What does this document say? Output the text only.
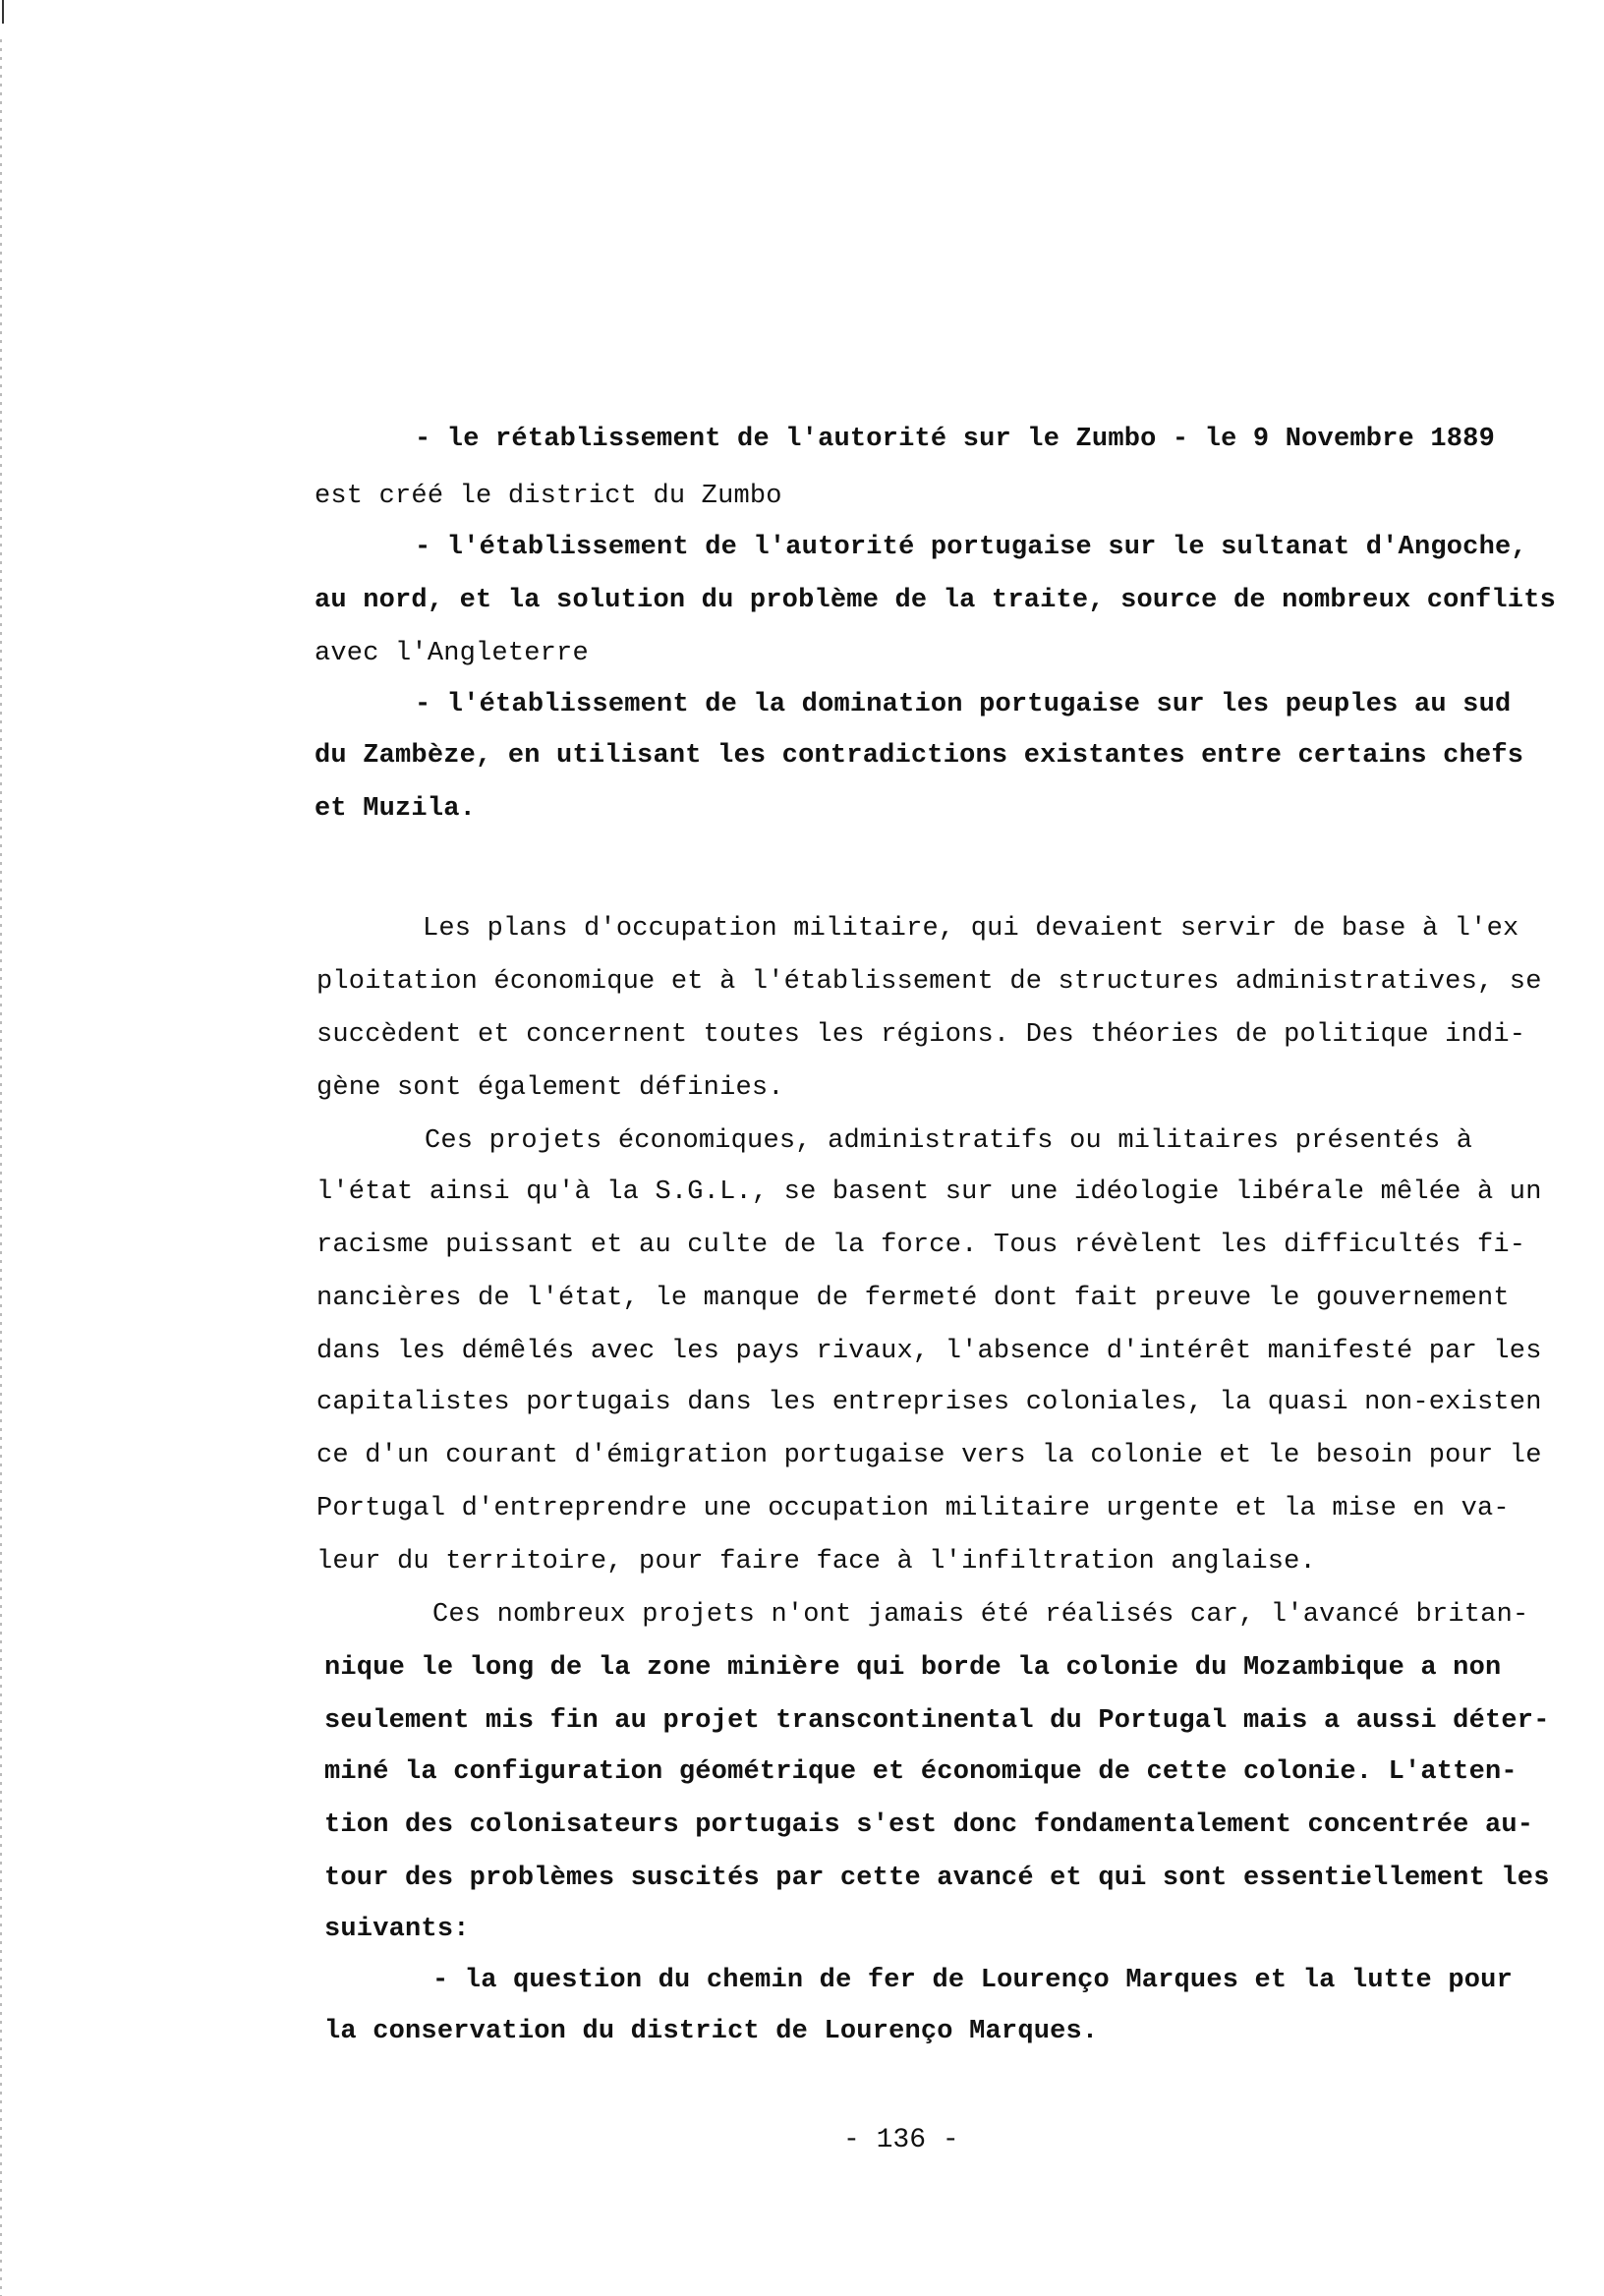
- le rétablissement de l'autorité sur le Zumbo - le 9 Novembre 1889
est créé le district du Zumbo
- l'établissement de l'autorité portugaise sur le sultanat d'Angoche,
au nord, et la solution du problème de la traite, source de nombreux conflits
avec l'Angleterre
- l'établissement de la domination portugaise sur les peuples au sud
du Zambèze, en utilisant les contradictions existantes entre certains chefs
et Muzila.
Les plans d'occupation militaire, qui devaient servir de base à l'ex
ploitation économique et à l'établissement de structures administratives, se
succèdent et concernent toutes les régions. Des théories de politique indi-
gène sont également définies.
Ces projets économiques, administratifs ou militaires présentés à
l'état ainsi qu'à la S.G.L., se basent sur une idéologie libérale mêlée à un
racisme puissant et au culte de la force. Tous révèlent les difficultés fi-
nancières de l'état, le manque de fermeté dont fait preuve le gouvernement
dans les démêlés avec les pays rivaux, l'absence d'intérêt manifesté par les
capitalistes portugais dans les entreprises coloniales, la quasi non-existen
ce d'un courant d'émigration portugaise vers la colonie et le besoin pour le
Portugal d'entreprendre une occupation militaire urgente et la mise en va-
leur du territoire, pour faire face à l'infiltration anglaise.
Ces nombreux projets n'ont jamais été réalisés car, l'avancé britan-
nique le long de la zone minière qui borde la colonie du Mozambique a non
seulement mis fin au projet transcontinental du Portugal mais a aussi déter-
miné la configuration géométrique et économique de cette colonie. L'atten-
tion des colonisateurs portugais s'est donc fondamentalement concentrée au-
tour des problèmes suscités par cette avancé et qui sont essentiellement les
suivants:
- la question du chemin de fer de Lourenço Marques et la lutte pour
la conservation du district de Lourenço Marques.
- 136 -
